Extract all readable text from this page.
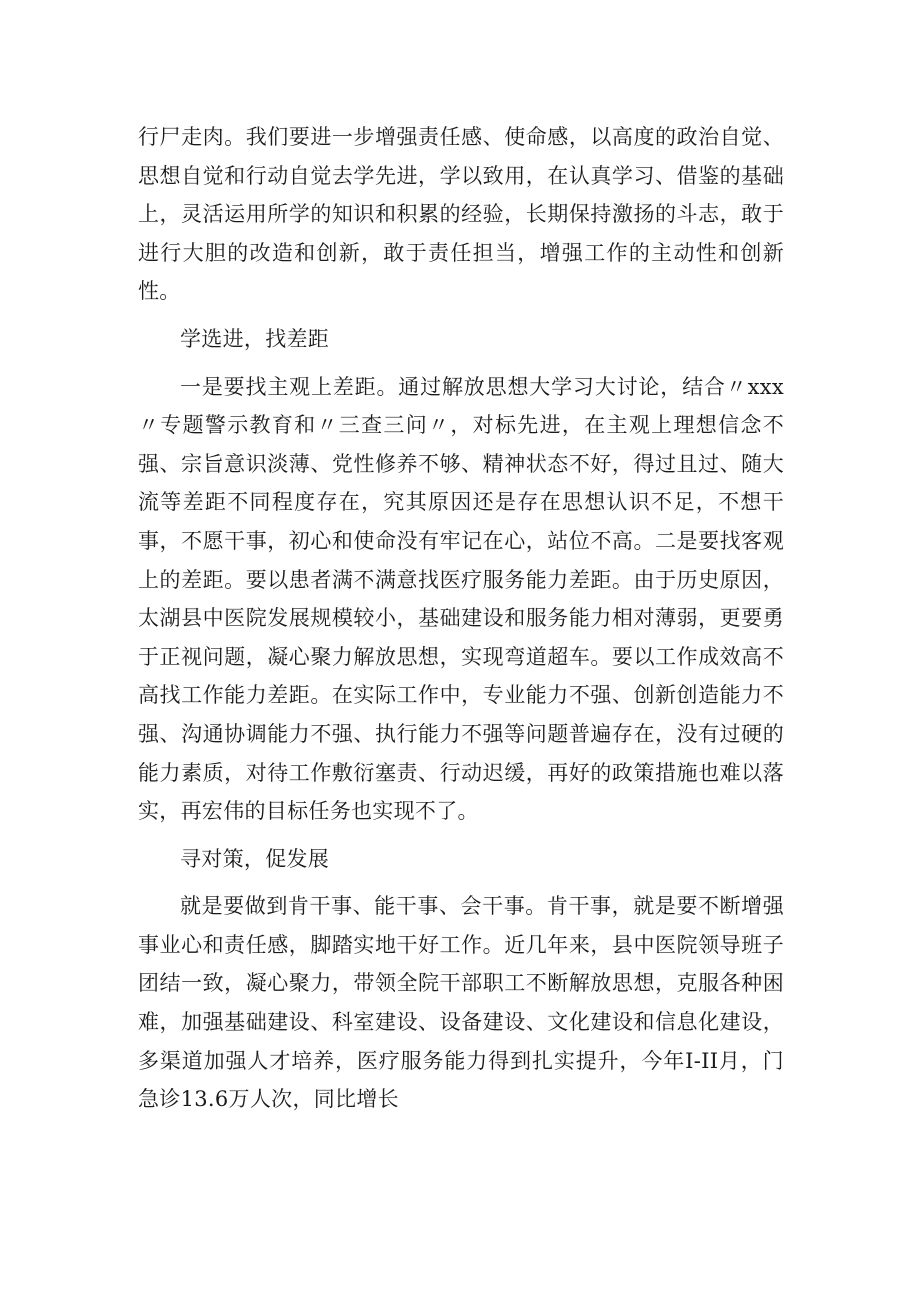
行尸走肉。我们要进一步增强责任感、使命感，以高度的政治自觉、思想自觉和行动自觉去学先进，学以致用，在认真学习、借鉴的基础上，灵活运用所学的知识和积累的经验，长期保持激扬的斗志，敢于进行大胆的改造和创新，敢于责任担当，增强工作的主动性和创新性。

学选进，找差距

一是要找主观上差距。通过解放思想大学习大讨论，结合〃xxx〃专题警示教育和〃三查三问〃，对标先进，在主观上理想信念不强、宗旨意识淡薄、党性修养不够、精神状态不好，得过且过、随大流等差距不同程度存在，究其原因还是存在思想认识不足，不想干事，不愿干事，初心和使命没有牢记在心，站位不高。二是要找客观上的差距。要以患者满不满意找医疗服务能力差距。由于历史原因，太湖县中医院发展规模较小，基础建设和服务能力相对薄弱，更要勇于正视问题，凝心聚力解放思想，实现弯道超车。要以工作成效高不高找工作能力差距。在实际工作中，专业能力不强、创新创造能力不强、沟通协调能力不强、执行能力不强等问题普遍存在，没有过硬的能力素质，对待工作敷衍塞责、行动迟缓，再好的政策措施也难以落实，再宏伟的目标任务也实现不了。

寻对策，促发展

就是要做到肯干事、能干事、会干事。肯干事，就是要不断增强事业心和责任感，脚踏实地干好工作。近几年来，县中医院领导班子团结一致，凝心聚力，带领全院干部职工不断解放思想，克服各种困难，加强基础建设、科室建设、设备建设、文化建设和信息化建设，多渠道加强人才培养，医疗服务能力得到扎实提升，今年I-II月，门急诊13.6万人次，同比增长
